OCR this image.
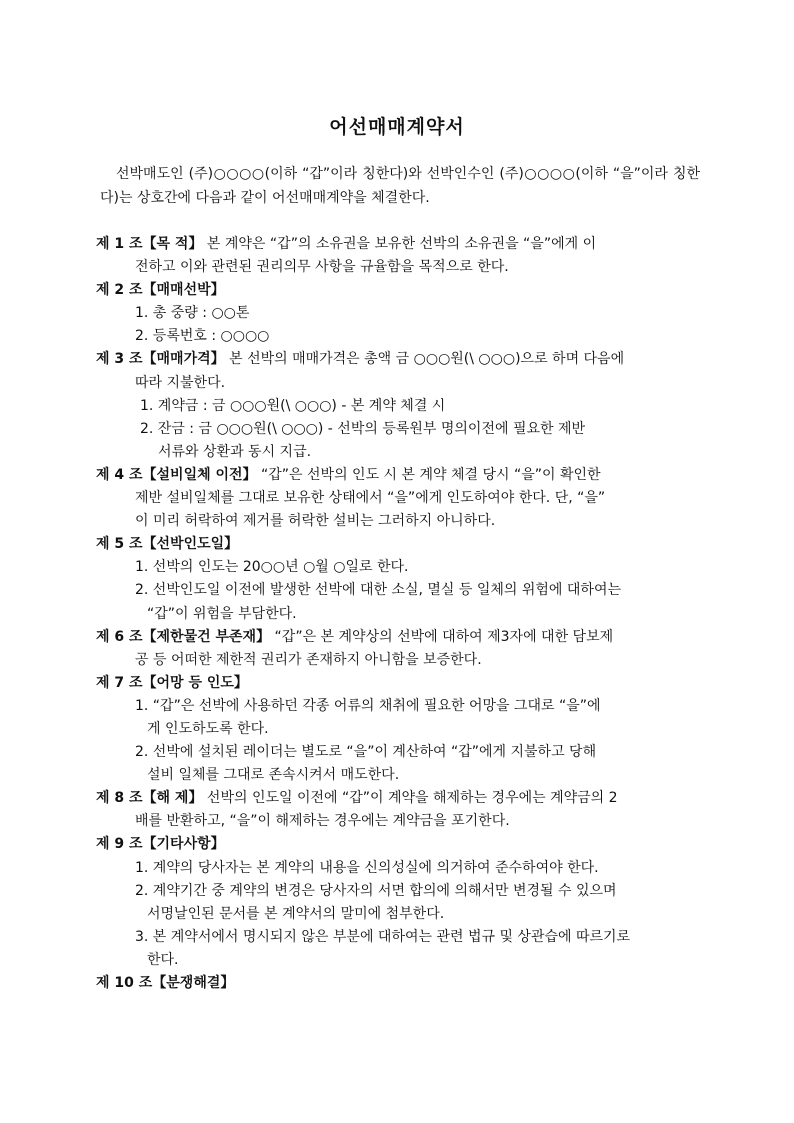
어선매매계약서

선박매도인 (주)○○○○(이하 “갑”이라 칭한다)와 선박인수인 (주)○○○○(이하 “을”이라 칭한다)는 상호간에 다음과 같이 어선매매계약을 체결한다.

제 1 조【목 적】 본 계약은 “갑”의 소유권을 보유한 선박의 소유권을 “을”에게 이
전하고 이와 관련된 권리의무 사항을 규율함을 목적으로 한다.
제 2 조【매매선박】
1. 총 중량 : ○○톤
2. 등록번호 : ○○○○
제 3 조【매매가격】 본 선박의 매매가격은 총액 금 ○○○원(\ ○○○)으로 하며 다음에
따라 지불한다.
1. 계약금 : 금 ○○○원(\ ○○○) - 본 계약 체결 시
2. 잔금 : 금 ○○○원(\ ○○○) - 선박의 등록원부 명의이전에 필요한 제반
서류와 상환과 동시 지급.
제 4 조【설비일체 이전】 “갑”은 선박의 인도 시 본 계약 체결 당시 “을”이 확인한
제반 설비일체를 그대로 보유한 상태에서 “을”에게 인도하여야 한다. 단, “을”
이 미리 허락하여 제거를 허락한 설비는 그러하지 아니하다.
제 5 조【선박인도일】
1. 선박의 인도는 20○○년 ○월 ○일로 한다.
2. 선박인도일 이전에 발생한 선박에 대한 소실, 멸실 등 일체의 위험에 대하여는
“갑”이 위험을 부담한다.
제 6 조【제한물건 부존재】 “갑”은 본 계약상의 선박에 대하여 제3자에 대한 담보제
공 등 어떠한 제한적 권리가 존재하지 아니함을 보증한다.
제 7 조【어망 등 인도】
1. “갑”은 선박에 사용하던 각종 어류의 채취에 필요한 어망을 그대로 “을”에
게 인도하도록 한다.
2. 선박에 설치된 레이더는 별도로 “을”이 계산하여 “갑”에게 지불하고 당해
설비 일체를 그대로 존속시켜서 매도한다.
제 8 조【해 제】 선박의 인도일 이전에 “갑”이 계약을 해제하는 경우에는 계약금의 2
배를 반환하고, “을”이 해제하는 경우에는 계약금을 포기한다.
제 9 조【기타사항】
1. 계약의 당사자는 본 계약의 내용을 신의성실에 의거하여 준수하여야 한다.
2. 계약기간 중 계약의 변경은 당사자의 서면 합의에 의해서만 변경될 수 있으며
서명날인된 문서를 본 계약서의 말미에 첨부한다.
3. 본 계약서에서 명시되지 않은 부분에 대하여는 관련 법규 및 상관습에 따르기로
한다.
제 10 조【분쟁해결】
